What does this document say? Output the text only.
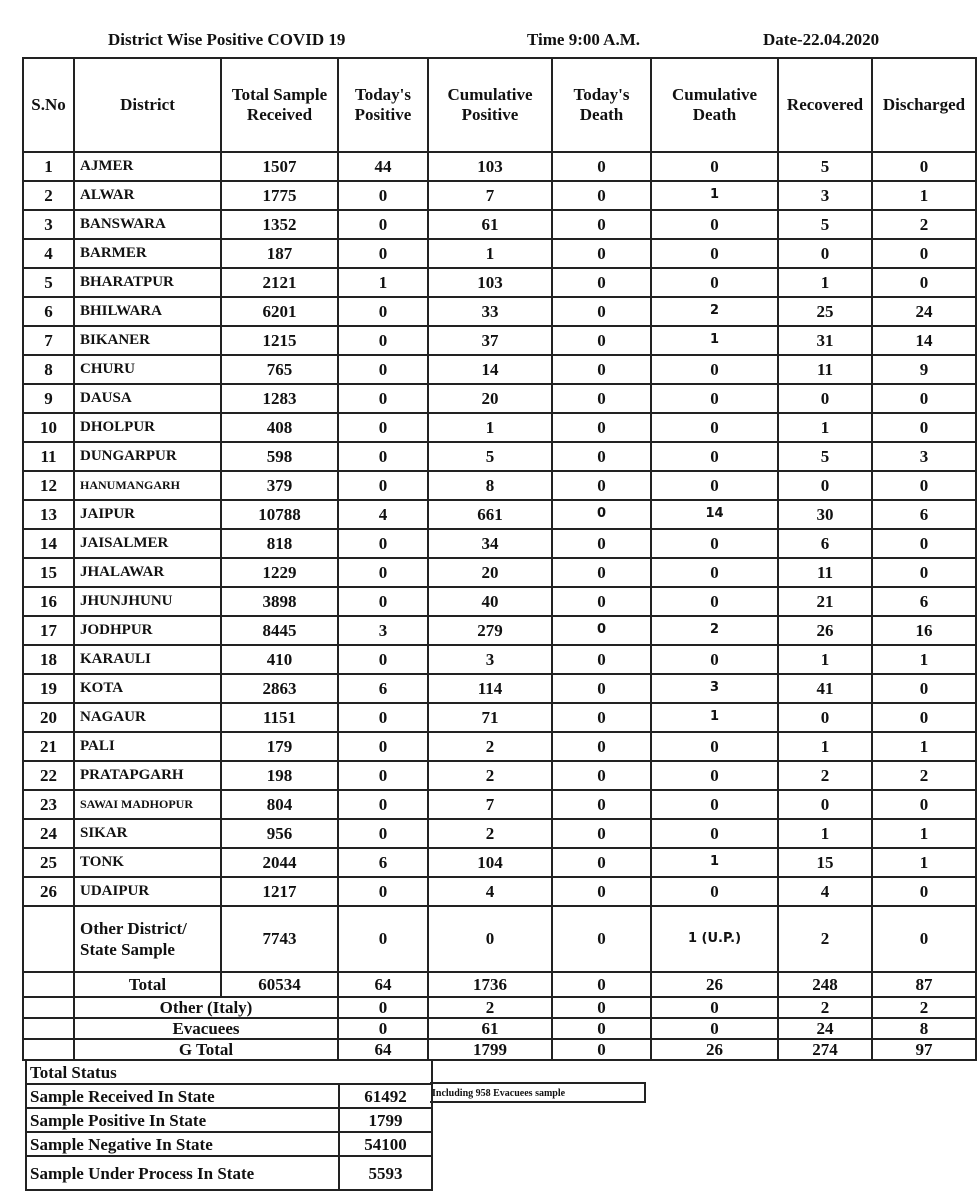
District Wise Positive COVID 19	Time 9:00 A.M.	Date-22.04.2020
S.No	District	Total Sample Received	Today's Positive	Cumulative Positive	Today's Death	Cumulative Death	Recovered	Discharged
1	AJMER	1507	44	103	0	0	5	0
2	ALWAR	1775	0	7	0	1	3	1
3	BANSWARA	1352	0	61	0	0	5	2
4	BARMER	187	0	1	0	0	0	0
5	BHARATPUR	2121	1	103	0	0	1	0
6	BHILWARA	6201	0	33	0	2	25	24
7	BIKANER	1215	0	37	0	1	31	14
8	CHURU	765	0	14	0	0	11	9
9	DAUSA	1283	0	20	0	0	0	0
10	DHOLPUR	408	0	1	0	0	1	0
11	DUNGARPUR	598	0	5	0	0	5	3
12	HANUMANGARH	379	0	8	0	0	0	0
13	JAIPUR	10788	4	661	0	14	30	6
14	JAISALMER	818	0	34	0	0	6	0
15	JHALAWAR	1229	0	20	0	0	11	0
16	JHUNJHUNU	3898	0	40	0	0	21	6
17	JODHPUR	8445	3	279	0	2	26	16
18	KARAULI	410	0	3	0	0	1	1
19	KOTA	2863	6	114	0	3	41	0
20	NAGAUR	1151	0	71	0	1	0	0
21	PALI	179	0	2	0	0	1	1
22	PRATAPGARH	198	0	2	0	0	2	2
23	SAWAI MADHOPUR	804	0	7	0	0	0	0
24	SIKAR	956	0	2	0	0	1	1
25	TONK	2044	6	104	0	1	15	1
26	UDAIPUR	1217	0	4	0	0	4	0
	Other District/ State Sample	7743	0	0	0	1 (U.P.)	2	0
	Total	60534	64	1736	0	26	248	87
	Other (Italy)		0	2	0	0	2	2
	Evacuees		0	61	0	0	24	8
	G Total		64	1799	0	26	274	97
Total Status	
Sample Received In State	61492
Sample Positive In State	1799
Sample Negative In State	54100
Sample Under Process In State	5593
Including 958 Evacuees sample
